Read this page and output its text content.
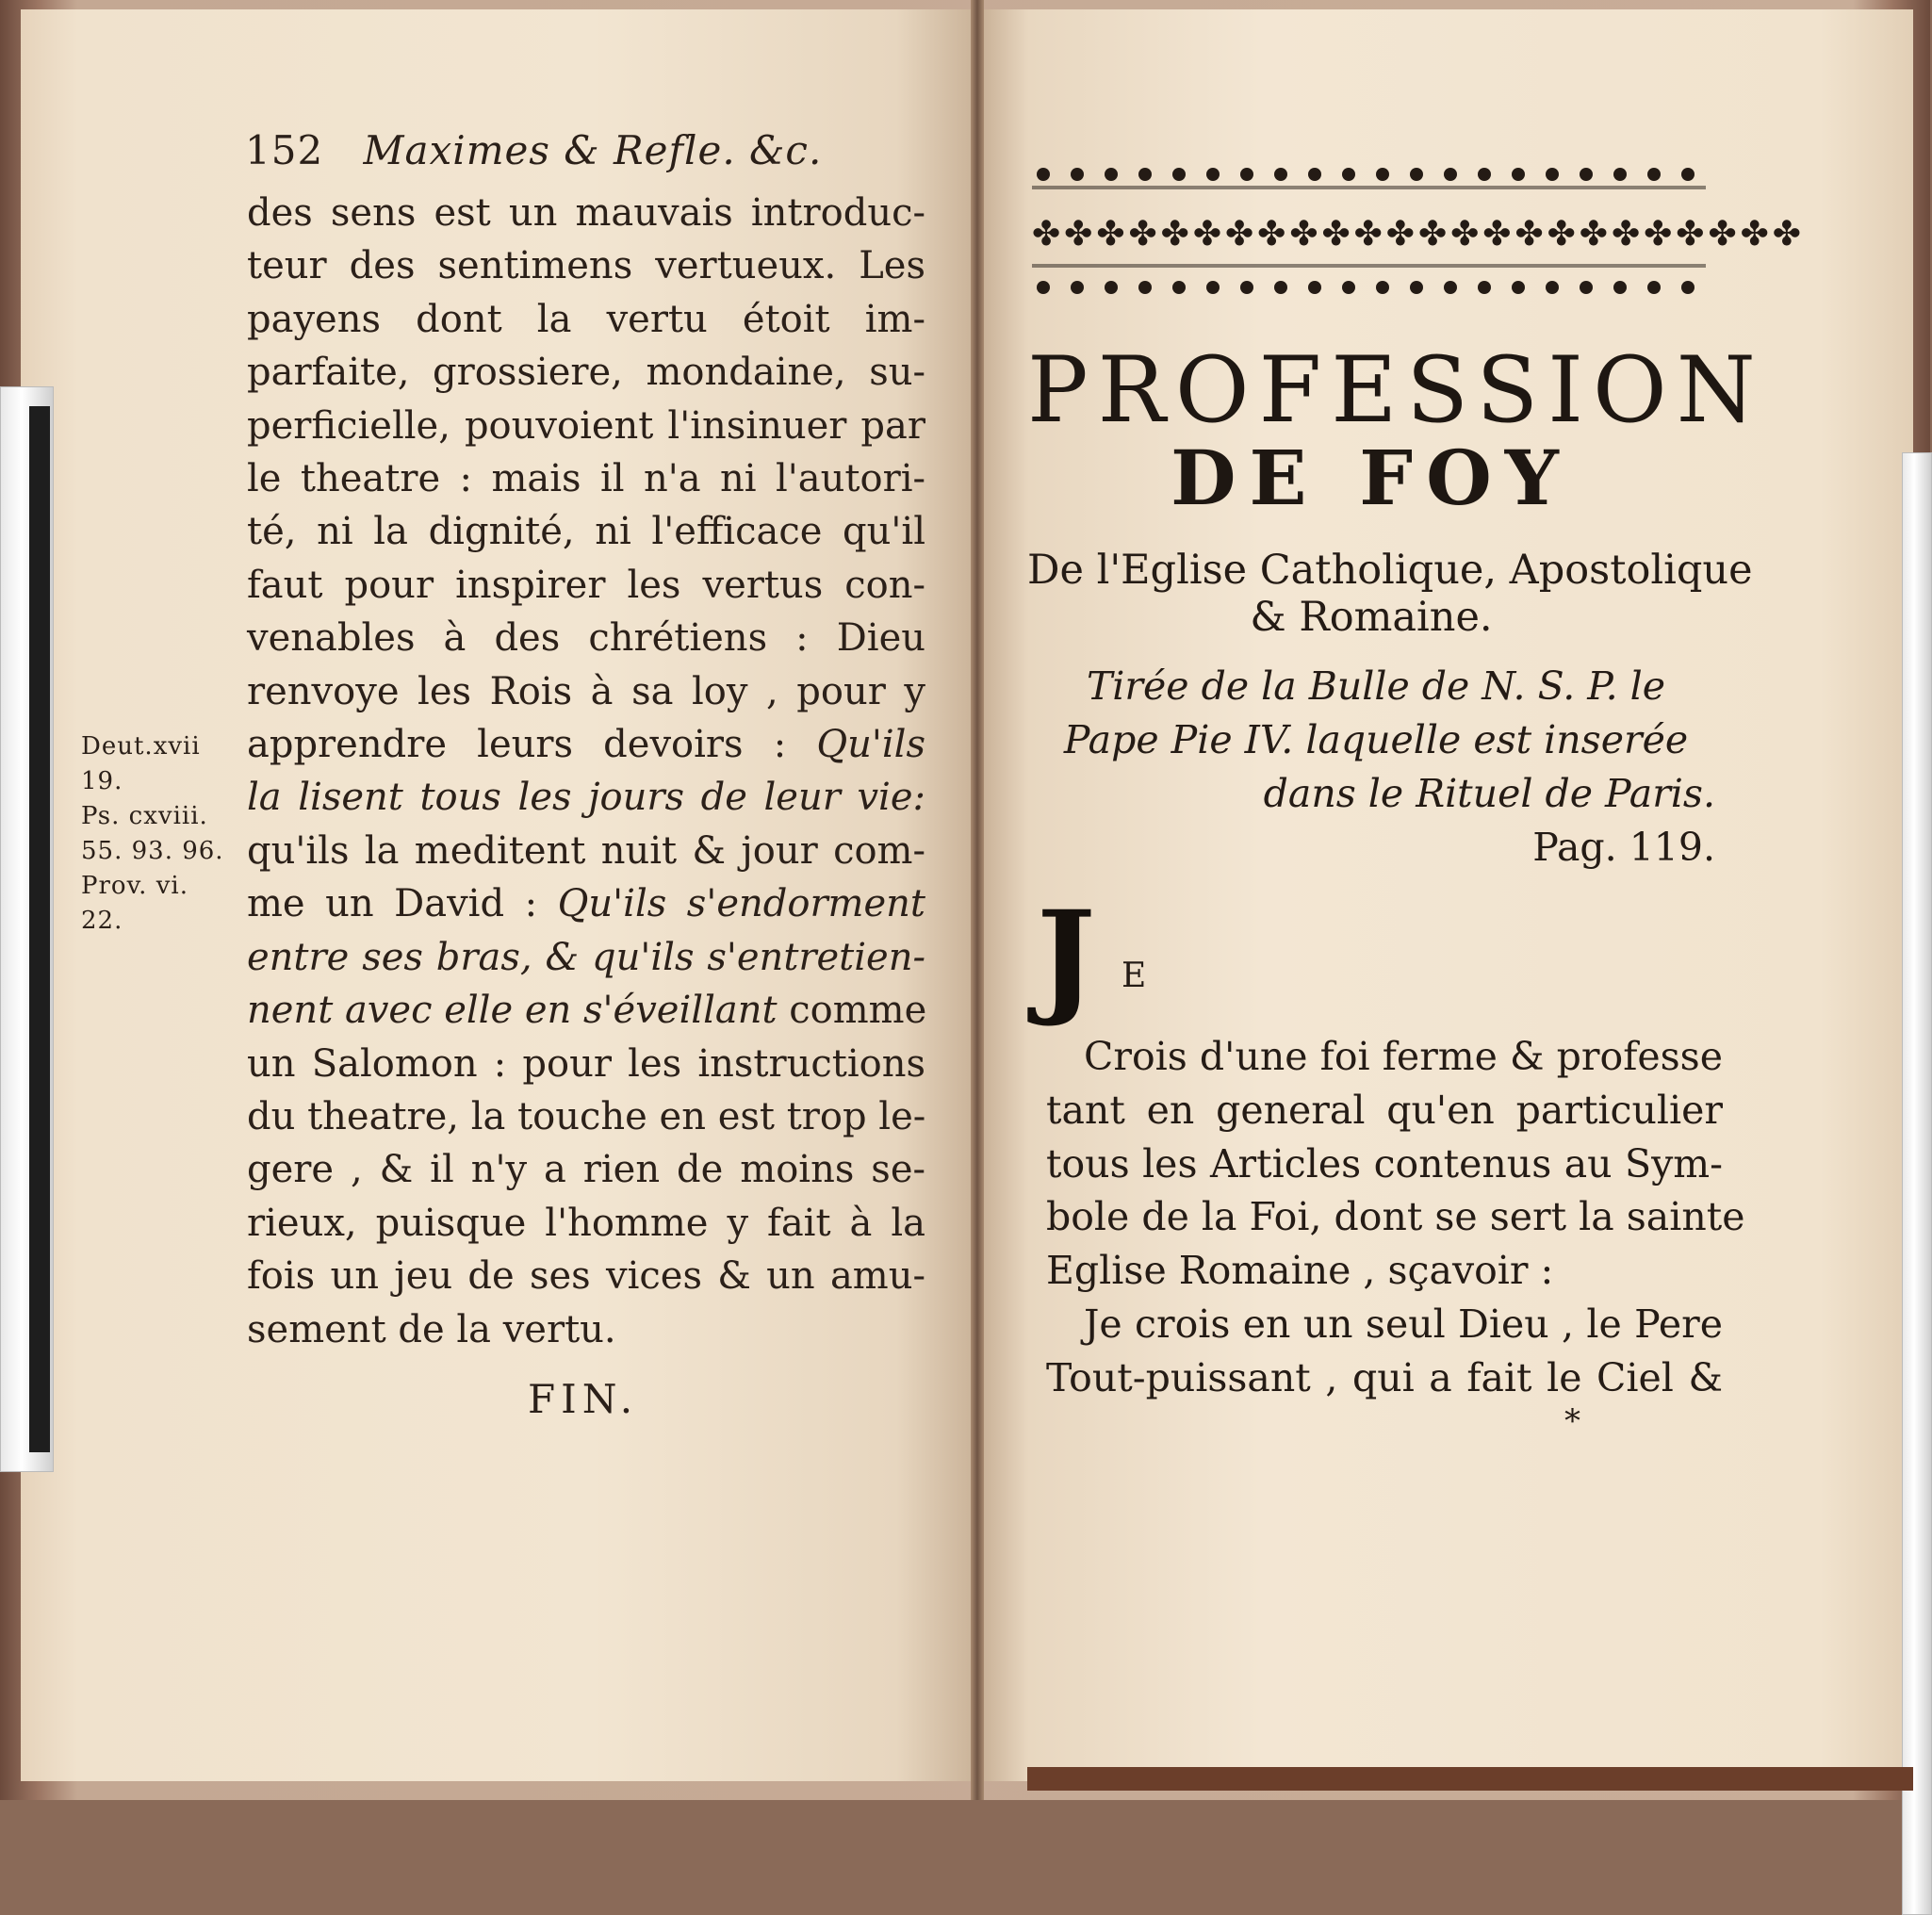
152 Maximes & Refle. &c.
des sens est un mauvais introduc-
teur des sentimens vertueux. Les
payens dont la vertu étoit im-
parfaite, grossiere, mondaine, su-
perficielle, pouvoient l'insinuer par
le theatre : mais il n'a ni l'autori-
té, ni la dignité, ni l'efficace qu'il
faut pour inspirer les vertus con-
venables à des chrétiens : Dieu
renvoye les Rois à sa loy , pour y
apprendre leurs devoirs : Qu'ils
la lisent tous les jours de leur vie:
qu'ils la meditent nuit & jour com-
me un David : Qu'ils s'endorment
entre ses bras, & qu'ils s'entretien-
nent avec elle en s'éveillant comme
un Salomon : pour les instructions
du theatre, la touche en est trop le-
gere , & il n'y a rien de moins se-
rieux, puisque l'homme y fait à la
fois un jeu de ses vices & un amu-
sement de la vertu.
Deut.xvii
19.
Ps. cxviii.
55. 93. 96.
Prov. vi.
22.
FIN.
✤✤✤✤✤✤✤✤✤✤✤✤✤✤✤✤✤✤✤✤✤✤✤✤
PROFESSION
DE FOY
De l'Eglise Catholique, Apostolique
& Romaine.
Tirée de la Bulle de N. S. P. le
Pape Pie IV. laquelle est inserée
dans le Rituel de Paris.
Pag. 119.
J E
Crois d'une foi ferme & professe
tant en general qu'en particulier
tous les Articles contenus au Sym-
bole de la Foi, dont se sert la sainte
Eglise Romaine , sçavoir :
Je crois en un seul Dieu , le Pere
Tout-puissant , qui a fait le Ciel &
*
